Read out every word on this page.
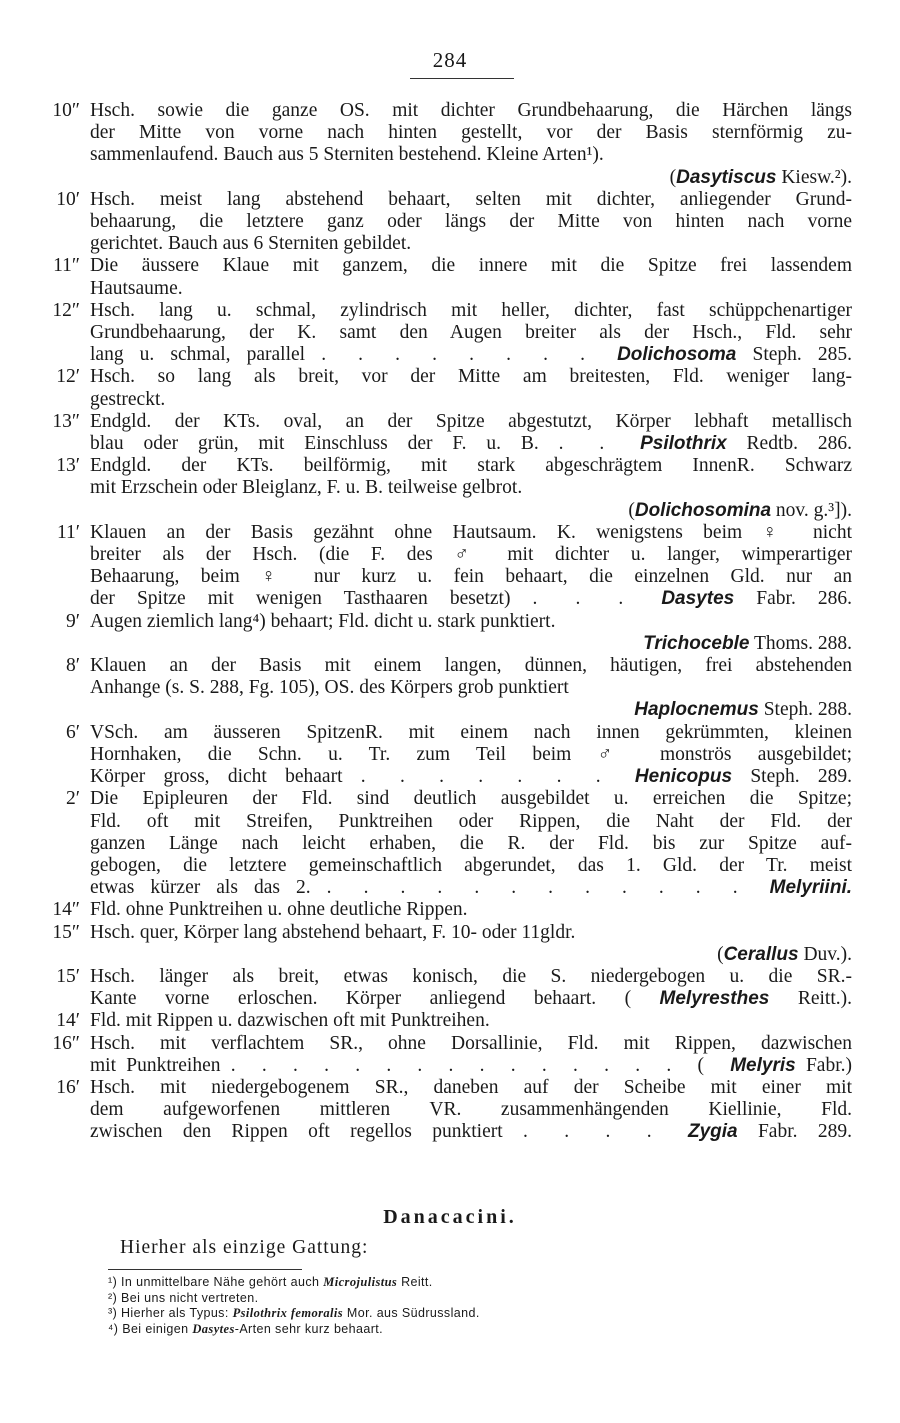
284
10″ Hsch. sowie die ganze OS. mit dichter Grundbehaarung, die Härchen längs
der Mitte von vorne nach hinten gestellt, vor der Basis sternförmig zu-
sammenlaufend. Bauch aus 5 Sterniten bestehend. Kleine Arten¹).
(Dasytiscus Kiesw.²).
10′ Hsch. meist lang abstehend behaart, selten mit dichter, anliegender Grund-
behaarung, die letztere ganz oder längs der Mitte von hinten nach vorne
gerichtet. Bauch aus 6 Sterniten gebildet.
11″ Die äussere Klaue mit ganzem, die innere mit die Spitze frei lassendem
Hautsaume.
12″ Hsch. lang u. schmal, zylindrisch mit heller, dichter, fast schüppchenartiger
Grundbehaarung, der K. samt den Augen breiter als der Hsch., Fld. sehr
lang u. schmal, parallel . . . . . . . . Dolichosoma Steph. 285.
12′ Hsch. so lang als breit, vor der Mitte am breitesten, Fld. weniger lang-
gestreckt.
13″ Endgld. der KTs. oval, an der Spitze abgestutzt, Körper lebhaft metallisch
blau oder grün, mit Einschluss der F. u. B. . . Psilothrix Redtb. 286.
13′ Endgld. der KTs. beilförmig, mit stark abgeschrägtem InnenR. Schwarz
mit Erzschein oder Bleiglanz, F. u. B. teilweise gelbrot.
(Dolichosomina nov. g.³]).
11′ Klauen an der Basis gezähnt ohne Hautsaum. K. wenigstens beim ♀ nicht
breiter als der Hsch. (die F. des ♂ mit dichter u. langer, wimperartiger
Behaarung, beim ♀ nur kurz u. fein behaart, die einzelnen Gld. nur an
der Spitze mit wenigen Tasthaaren besetzt) . . . Dasytes Fabr. 286.
9′ Augen ziemlich lang⁴) behaart; Fld. dicht u. stark punktiert.
Trichoceble Thoms. 288.
8′ Klauen an der Basis mit einem langen, dünnen, häutigen, frei abstehenden
Anhange (s. S. 288, Fg. 105), OS. des Körpers grob punktiert
Haplocnemus Steph. 288.
6′ VSch. am äusseren SpitzenR. mit einem nach innen gekrümmten, kleinen
Hornhaken, die Schn. u. Tr. zum Teil beim ♂ monströs ausgebildet;
Körper gross, dicht behaart . . . . . . . Henicopus Steph. 289.
2′ Die Epipleuren der Fld. sind deutlich ausgebildet u. erreichen die Spitze;
Fld. oft mit Streifen, Punktreihen oder Rippen, die Naht der Fld. der
ganzen Länge nach leicht erhaben, die R. der Fld. bis zur Spitze auf-
gebogen, die letztere gemeinschaftlich abgerundet, das 1. Gld. der Tr. meist
etwas kürzer als das 2. . . . . . . . . . . . . Melyriini.
14″ Fld. ohne Punktreihen u. ohne deutliche Rippen.
15″ Hsch. quer, Körper lang abstehend behaart, F. 10- oder 11gldr.
(Cerallus Duv.).
15′ Hsch. länger als breit, etwas konisch, die S. niedergebogen u. die SR.-
Kante vorne erloschen. Körper anliegend behaart. ( Melyresthes Reitt.).
14′ Fld. mit Rippen u. dazwischen oft mit Punktreihen.
16″ Hsch. mit verflachtem SR., ohne Dorsallinie, Fld. mit Rippen, dazwischen
mit Punktreihen . . . . . . . . . . . . . . . ( Melyris Fabr.)
16′ Hsch. mit niedergebogenem SR., daneben auf der Scheibe mit einer mit
dem aufgeworfenen mittleren VR. zusammenhängenden Kiellinie, Fld.
zwischen den Rippen oft regellos punktiert . . . . Zygia Fabr. 289.
Danacacini.
Hierher als einzige Gattung:
¹) In unmittelbare Nähe gehört auch Microjulistus Reitt.
²) Bei uns nicht vertreten.
³) Hierher als Typus: Psilothrix femoralis Mor. aus Südrussland.
⁴) Bei einigen Dasytes-Arten sehr kurz behaart.
